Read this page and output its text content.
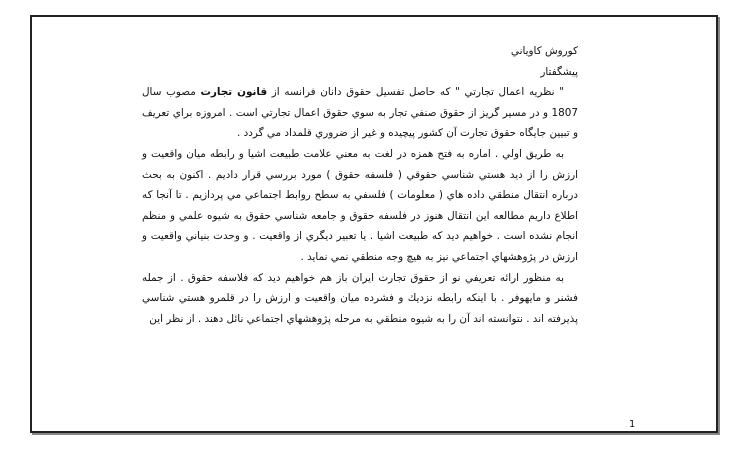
كوروش كاوياني

پيشگفتار

" نظريه اعمال تجارتي " كه حاصل تفسيل حقوق دانان فرانسه از قانون تجارت مصوب سال 1807 و در مسير گريز از حقوق صنفي تجار به سوي حقوق اعمال تجارتي است . امروزه براي تعريف و تبيين جايگاه حقوق تجارت آن كشور پيچيده و غير از ضروري قلمداد مي گردد .

به طريق اولي . اماره به فتح همزه در لغت به معني علامت طبيعت اشيا و رابطه ميان واقعيت و ارزش را از ديد هستي شناسي حقوقي ( فلسفه حقوق ) مورد بررسي قرار داديم . اكنون به بحث درباره انتقال منطقي داده هاي ( معلومات ) فلسفي به سطح روابط اجتماعي مي پردازيم . تا آنجا كه اطلاع داريم مطالعه اين انتقال هنوز در فلسفه حقوق و جامعه شناسي حقوق به شيوه علمي و منظم انجام نشده است . خواهيم ديد كه طبيعت اشيا . يا تعبير ديگري از واقعيت . و وحدت بنياني واقعيت و ارزش در پژوهشهاي اجتماعي نيز به هيچ وجه منطقي نمي نمايد .

به منظور ارائه تعريفي نو از حقوق تجارت ايران باز هم خواهيم ديد كه فلاسفه حقوق . از جمله فشنر و مايهوفر . با اينكه رابطه نزديك و فشرده ميان واقعيت و ارزش را در قلمرو هستي شناسي پذيرفته اند . نتوانسته اند آن را به شيوه منطقي به مرحله پژوهشهاي اجتماعي نائل دهند . از نظر اين

1
